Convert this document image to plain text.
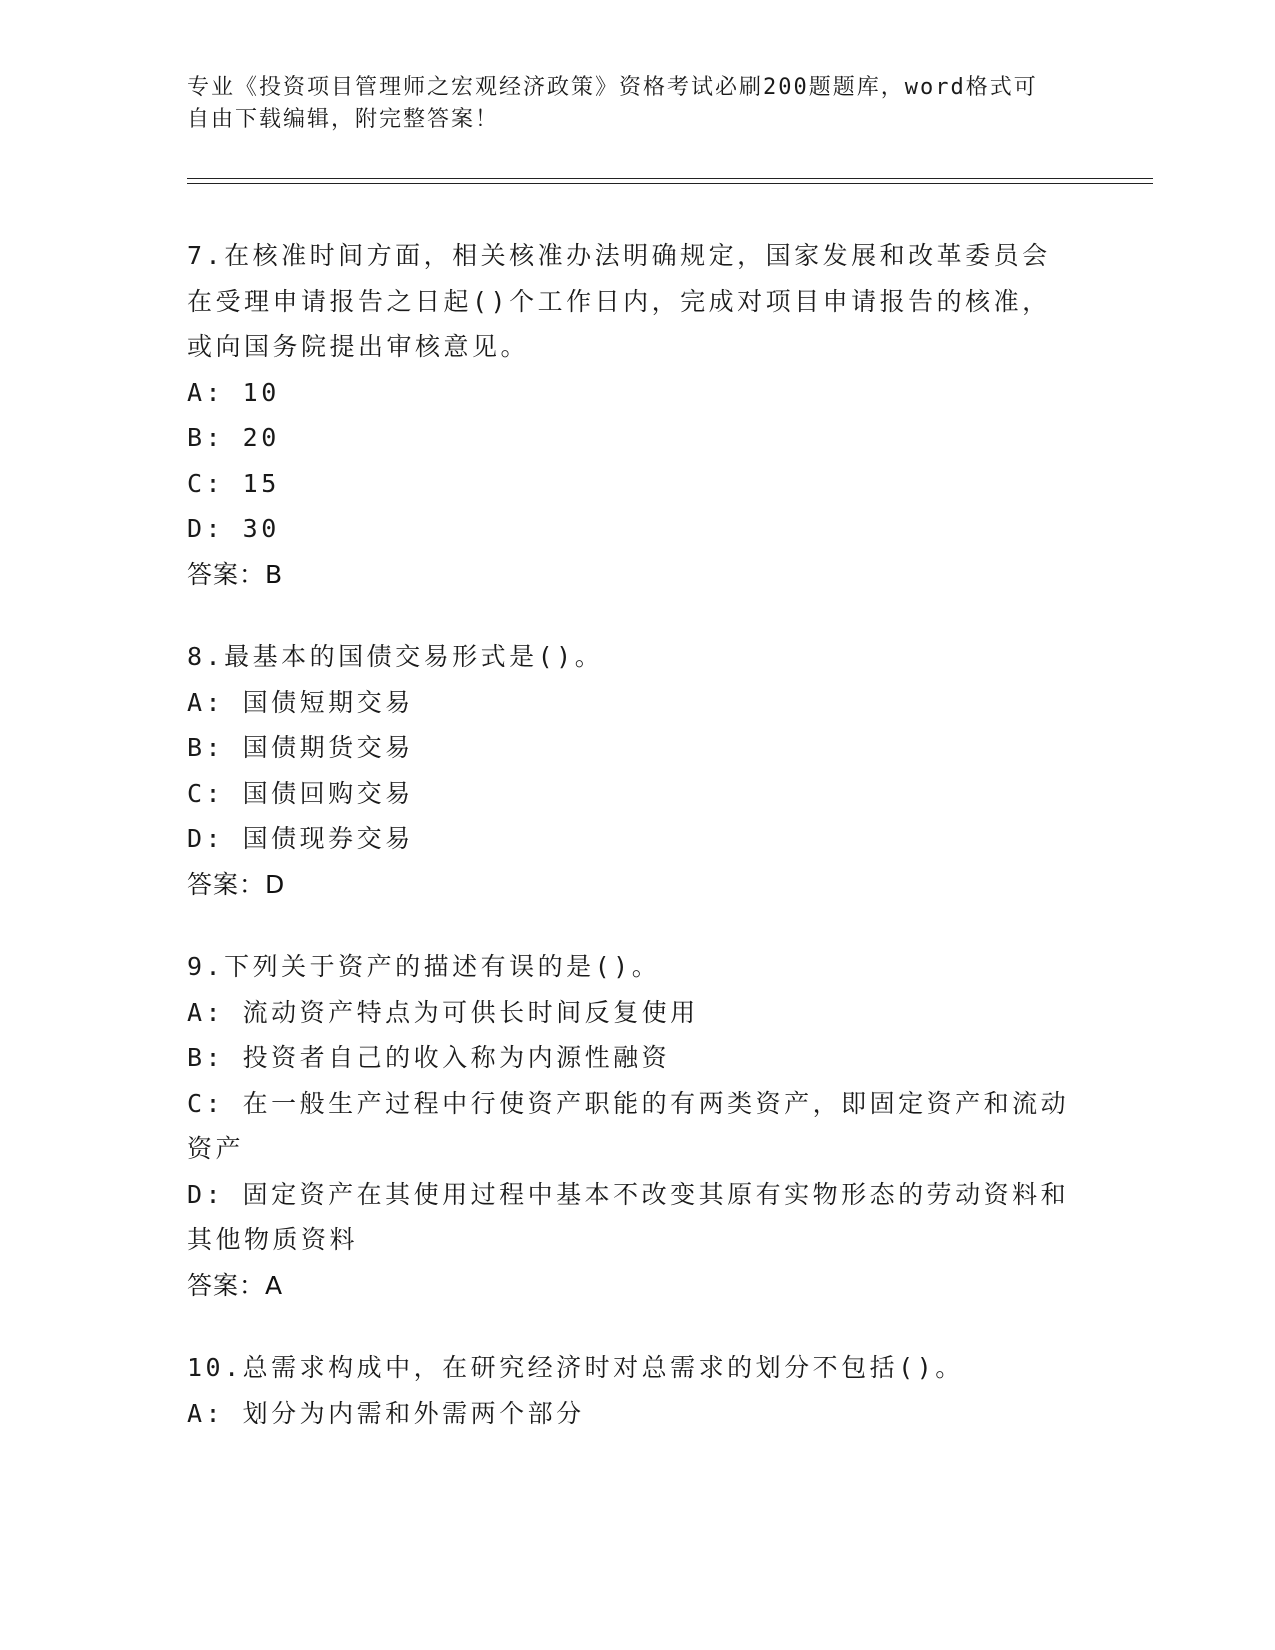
专业《投资项目管理师之宏观经济政策》资格考试必刷200题题库，word格式可
自由下载编辑，附完整答案！
7.在核准时间方面，相关核准办法明确规定，国家发展和改革委员会
在受理申请报告之日起()个工作日内，完成对项目申请报告的核准，
或向国务院提出审核意见。
A: 10
B: 20
C: 15
D: 30
答案：B
8.最基本的国债交易形式是()。
A: 国债短期交易
B: 国债期货交易
C: 国债回购交易
D: 国债现券交易
答案：D
9.下列关于资产的描述有误的是()。
A: 流动资产特点为可供长时间反复使用
B: 投资者自己的收入称为内源性融资
C: 在一般生产过程中行使资产职能的有两类资产，即固定资产和流动
资产
D: 固定资产在其使用过程中基本不改变其原有实物形态的劳动资料和
其他物质资料
答案：A
10.总需求构成中，在研究经济时对总需求的划分不包括()。
A: 划分为内需和外需两个部分
